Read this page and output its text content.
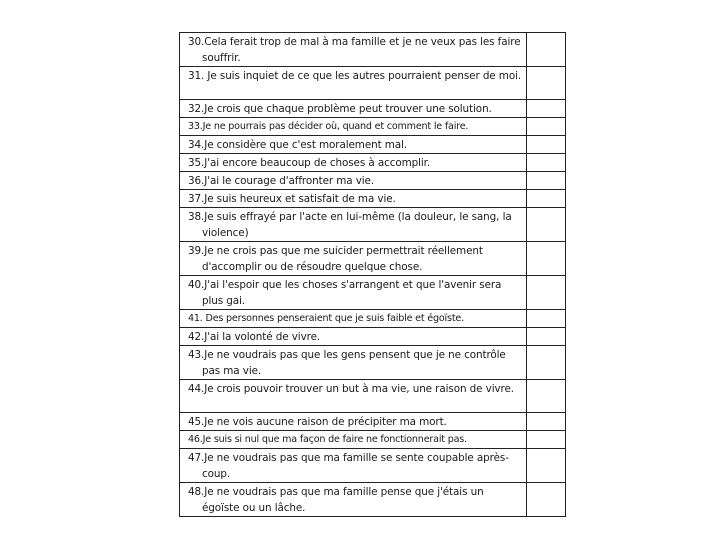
30.Cela ferait trop de mal à ma famille et je ne veux pas les faire souffrir.	

31. Je suis inquiet de ce que les autres pourraient penser de moi.	

32.Je crois que chaque problème peut trouver une solution.	

33.Je ne pourrais pas décider où, quand et comment le faire.	

34.Je considère que c'est moralement mal.	

35.J'ai encore beaucoup de choses à accomplir.	

36.J'ai le courage d'affronter ma vie.	

37.Je suis heureux et satisfait de ma vie.	

38.Je suis effrayé par l'acte en lui-même (la douleur, le sang, la violence)	

39.Je ne crois pas que me suicider permettrait réellement d'accomplir ou de résoudre quelque chose.	

40.J'ai l'espoir que les choses s'arrangent et que l'avenir sera plus gai.	

41. Des personnes penseraient que je suis faible et égoïste.	

42.J'ai la volonté de vivre.	

43.Je ne voudrais pas que les gens pensent que je ne contrôle pas ma vie.	

44.Je crois pouvoir trouver un but à ma vie, une raison de vivre.	

45.Je ne vois aucune raison de précipiter ma mort.	

46.Je suis si nul que ma façon de faire ne fonctionnerait pas.	

47.Je ne voudrais pas que ma famille se sente coupable après-coup.	

48.Je ne voudrais pas que ma famille pense que j'étais un égoïste ou un lâche.	
